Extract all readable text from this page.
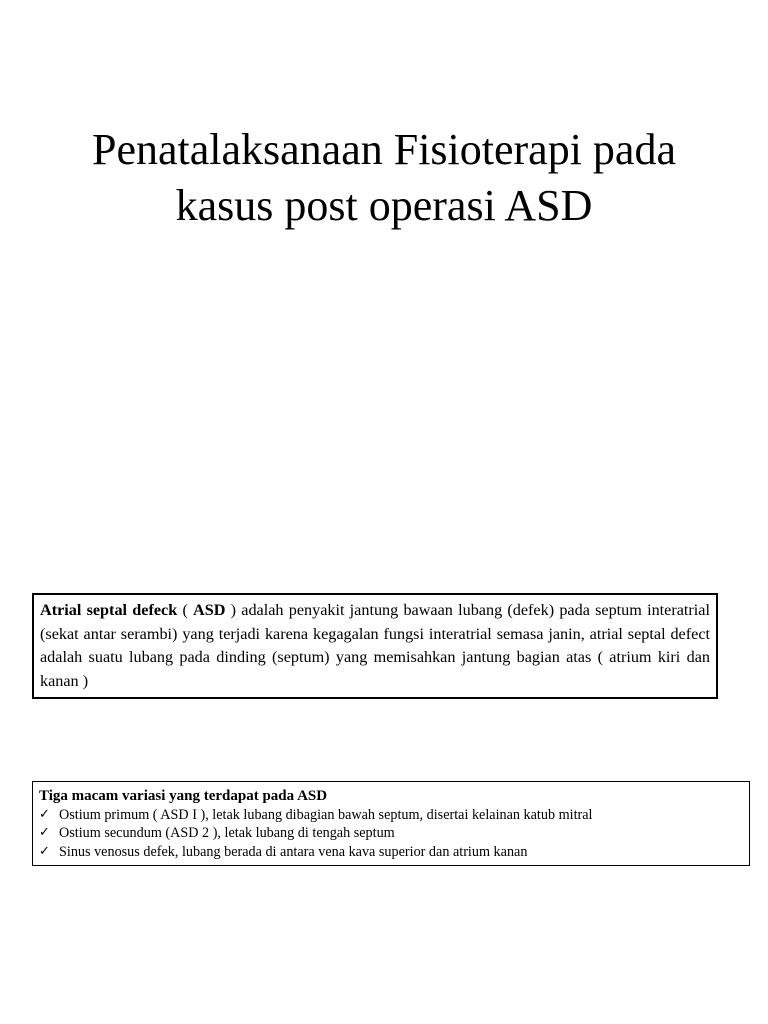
Penatalaksanaan Fisioterapi pada
kasus post operasi ASD
Atrial septal defeck ( ASD ) adalah penyakit jantung bawaan lubang (defek) pada septum interatrial (sekat antar serambi) yang terjadi karena kegagalan fungsi interatrial semasa janin, atrial septal defect adalah suatu lubang pada dinding (septum) yang memisahkan jantung bagian atas ( atrium kiri dan kanan )
Tiga macam variasi yang terdapat pada ASD
✓ Ostium primum ( ASD I ), letak lubang dibagian bawah septum, disertai kelainan katub mitral
✓ Ostium secundum (ASD 2 ), letak lubang di tengah septum
✓ Sinus venosus defek, lubang berada di antara vena kava superior dan atrium kanan
